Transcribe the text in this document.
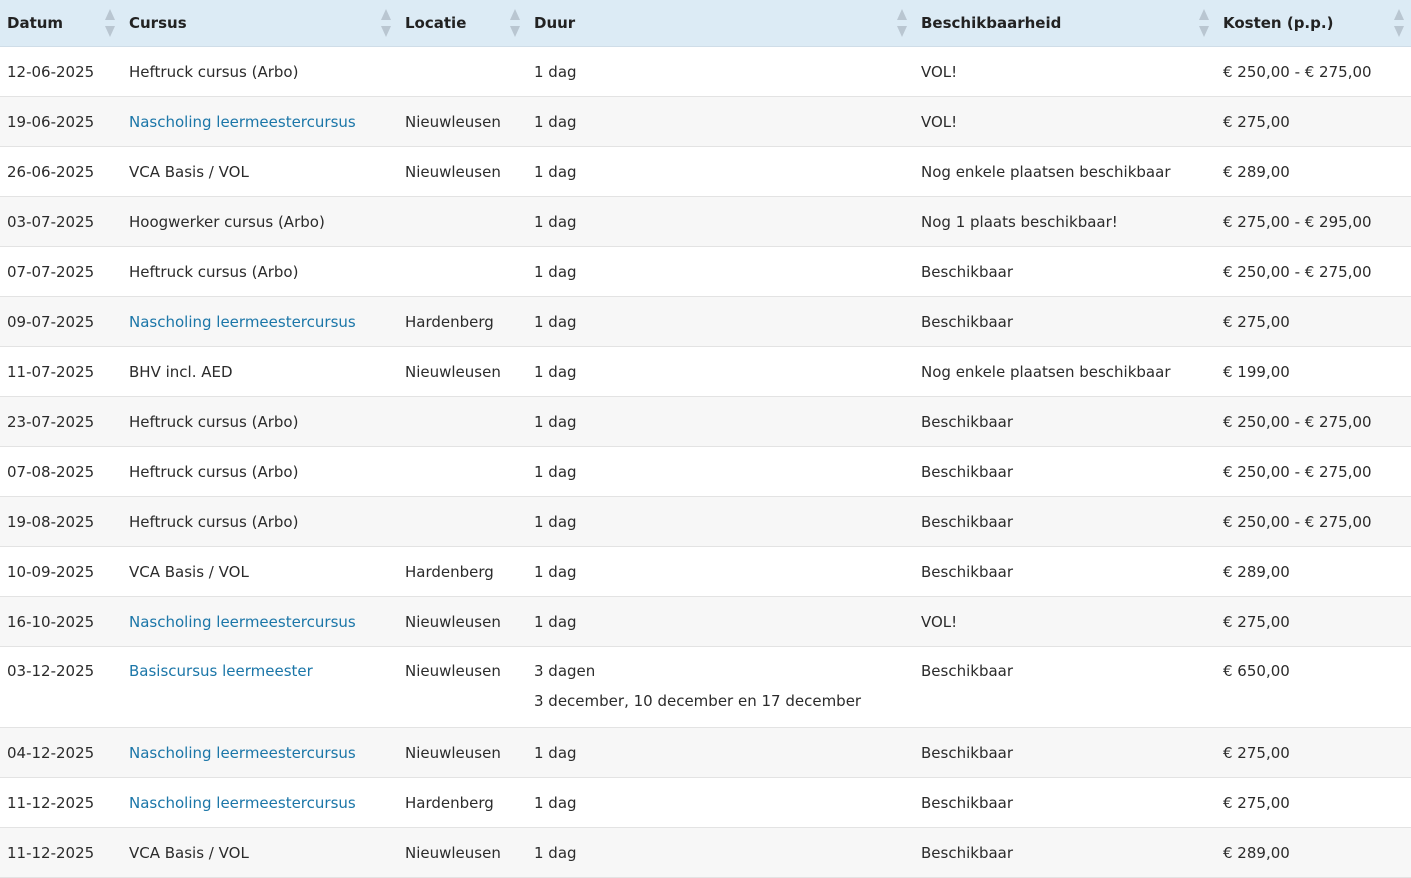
Datum	Cursus	Locatie	Duur	Beschikbaarheid	Kosten (p.p.)

12-06-2025	Heftruck cursus (Arbo)		1 dag	VOL!	€ 250,00 - € 275,00
19-06-2025	Nascholing leermeestercursus	Nieuwleusen	1 dag	VOL!	€ 275,00
26-06-2025	VCA Basis / VOL	Nieuwleusen	1 dag	Nog enkele plaatsen beschikbaar	€ 289,00
03-07-2025	Hoogwerker cursus (Arbo)		1 dag	Nog 1 plaats beschikbaar!	€ 275,00 - € 295,00
07-07-2025	Heftruck cursus (Arbo)		1 dag	Beschikbaar	€ 250,00 - € 275,00
09-07-2025	Nascholing leermeestercursus	Hardenberg	1 dag	Beschikbaar	€ 275,00
11-07-2025	BHV incl. AED	Nieuwleusen	1 dag	Nog enkele plaatsen beschikbaar	€ 199,00
23-07-2025	Heftruck cursus (Arbo)		1 dag	Beschikbaar	€ 250,00 - € 275,00
07-08-2025	Heftruck cursus (Arbo)		1 dag	Beschikbaar	€ 250,00 - € 275,00
19-08-2025	Heftruck cursus (Arbo)		1 dag	Beschikbaar	€ 250,00 - € 275,00
10-09-2025	VCA Basis / VOL	Hardenberg	1 dag	Beschikbaar	€ 289,00
16-10-2025	Nascholing leermeestercursus	Nieuwleusen	1 dag	VOL!	€ 275,00
03-12-2025	Basiscursus leermeester	Nieuwleusen	3 dagen
3 december, 10 december en 17 december	Beschikbaar	€ 650,00
04-12-2025	Nascholing leermeestercursus	Nieuwleusen	1 dag	Beschikbaar	€ 275,00
11-12-2025	Nascholing leermeestercursus	Hardenberg	1 dag	Beschikbaar	€ 275,00
11-12-2025	VCA Basis / VOL	Nieuwleusen	1 dag	Beschikbaar	€ 289,00
